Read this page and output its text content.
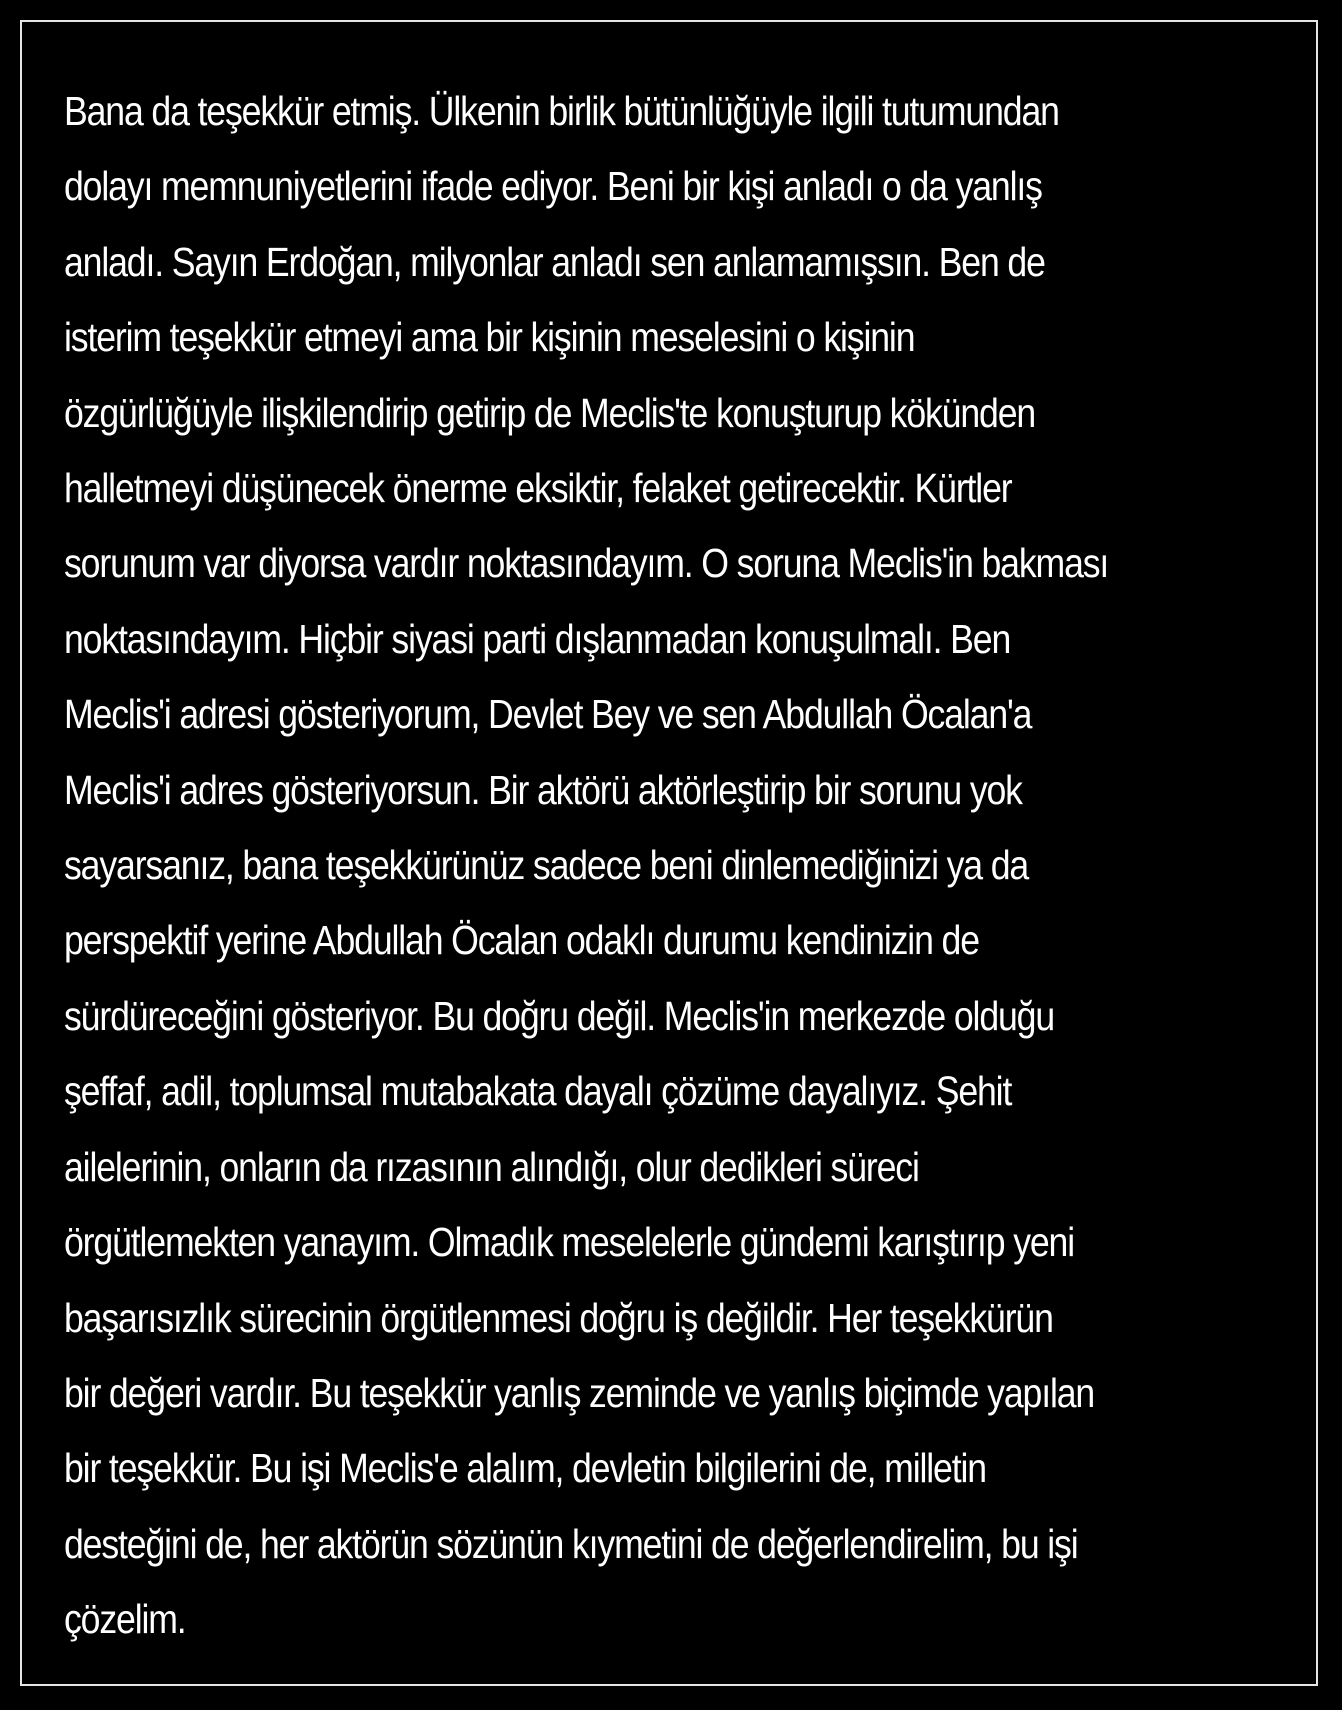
Bana da teşekkür etmiş. Ülkenin birlik bütünlüğüyle ilgili tutumundan
dolayı memnuniyetlerini ifade ediyor. Beni bir kişi anladı o da yanlış
anladı. Sayın Erdoğan, milyonlar anladı sen anlamamışsın. Ben de
isterim teşekkür etmeyi ama bir kişinin meselesini o kişinin
özgürlüğüyle ilişkilendirip getirip de Meclis'te konuşturup kökünden
halletmeyi düşünecek önerme eksiktir, felaket getirecektir. Kürtler
sorunum var diyorsa vardır noktasındayım. O soruna Meclis'in bakması
noktasındayım. Hiçbir siyasi parti dışlanmadan konuşulmalı. Ben
Meclis'i adresi gösteriyorum, Devlet Bey ve sen Abdullah Öcalan'a
Meclis'i adres gösteriyorsun. Bir aktörü aktörleştirip bir sorunu yok
sayarsanız, bana teşekkürünüz sadece beni dinlemediğinizi ya da
perspektif yerine Abdullah Öcalan odaklı durumu kendinizin de
sürdüreceğini gösteriyor. Bu doğru değil. Meclis'in merkezde olduğu
şeffaf, adil, toplumsal mutabakata dayalı çözüme dayalıyız. Şehit
ailelerinin, onların da rızasının alındığı, olur dedikleri süreci
örgütlemekten yanayım. Olmadık meselelerle gündemi karıştırıp yeni
başarısızlık sürecinin örgütlenmesi doğru iş değildir. Her teşekkürün
bir değeri vardır. Bu teşekkür yanlış zeminde ve yanlış biçimde yapılan
bir teşekkür. Bu işi Meclis'e alalım, devletin bilgilerini de, milletin
desteğini de, her aktörün sözünün kıymetini de değerlendirelim, bu işi
çözelim.
